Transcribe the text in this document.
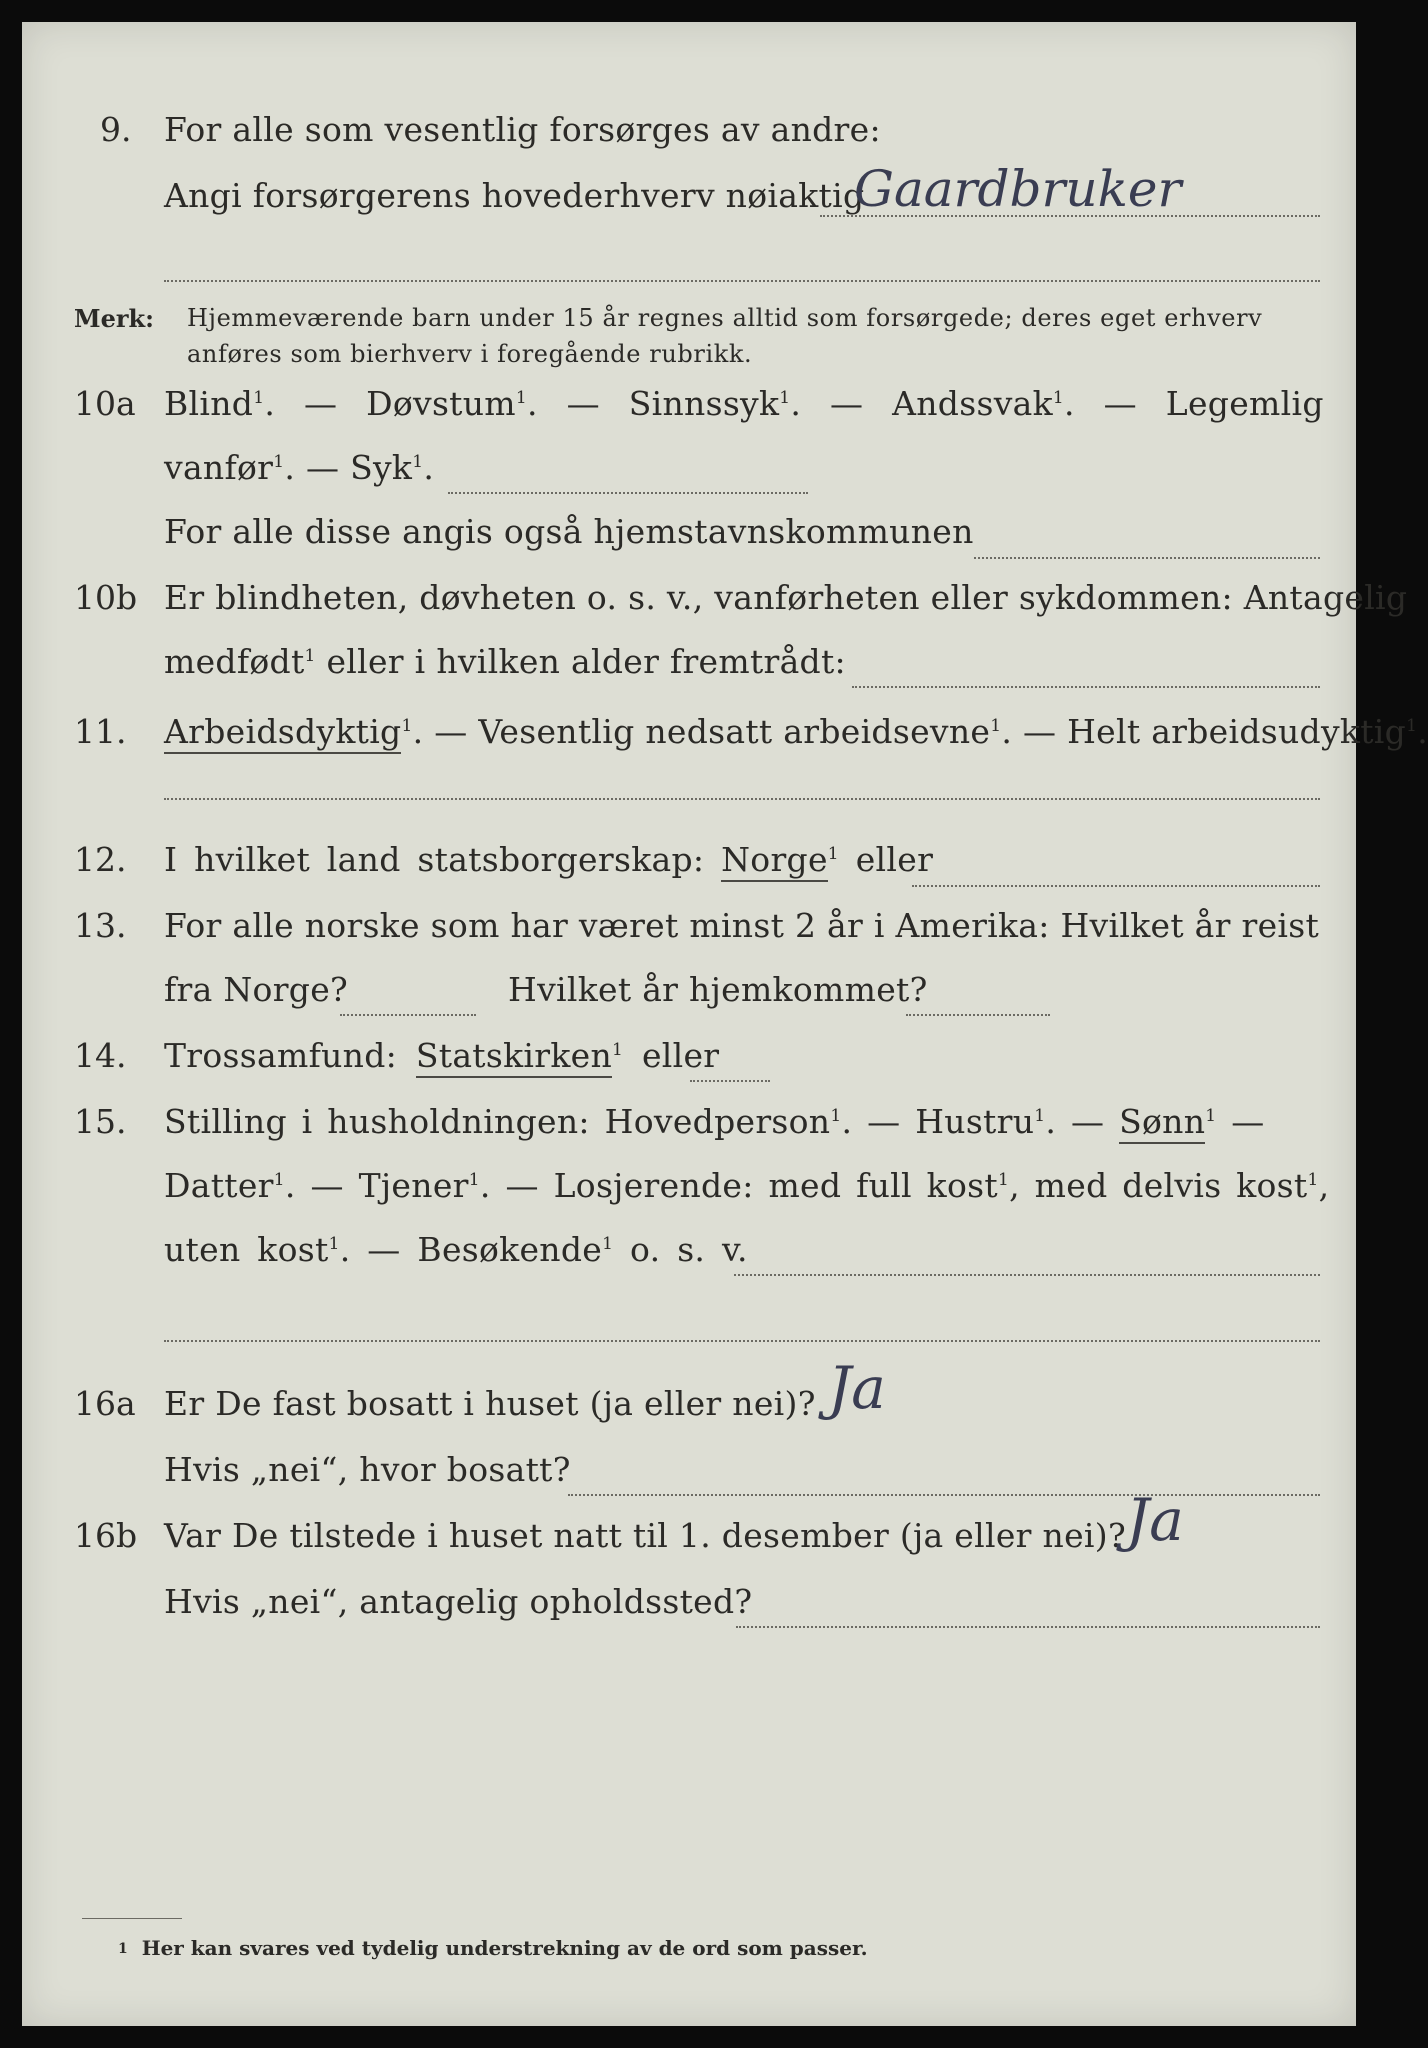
9. For alle som vesentlig forsørges av andre:
Angi forsørgerens hovederhverv nøiaktig
Gaardbruker
Merk: Hjemmeværende barn under 15 år regnes alltid som forsørgede; deres eget erhverv
anføres som bierhverv i foregående rubrikk.
10a Blind$^1$. — Døvstum$^1$. — Sinnssyk$^1$. — Andssvak$^1$. — Legemlig
vanfør$^1$. — Syk$^1$.
For alle disse angis også hjemstavnskommunen
10b Er blindheten, døvheten o. s. v., vanførheten eller sykdommen: Antagelig
medfødt$^1$ eller i hvilken alder fremtrådt:
11.	Arbeidsdyktig$^1$. — Vesentlig nedsatt arbeidsevne$^1$. — Helt arbeidsudyktig$^1$.
12.	I hvilket land statsborgerskap: Norge$^1$ eller
13.	For alle norske som har været minst 2 år i Amerika: Hvilket år reist
fra Norge?	Hvilket år hjemkommet?
14.	Trossamfund: Statskirken$^1$ eller
15.	Stilling i husholdningen: Hovedperson$^1$. — Hustru$^1$. — Sønn$^1$ —
Datter$^1$. — Tjener$^1$. — Losjerende: med full kost$^1$, med delvis kost$^1$,
uten kost$^1$. — Besøkende$^1$ o. s. v.
16a Er De fast bosatt i huset (ja eller nei)? Ja
Hvis „nei“, hvor bosatt?
16b Var De tilstede i huset natt til 1. desember (ja eller nei)? Ja
Hvis „nei“, antagelig opholdssted?
1 Her kan svares ved tydelig understrekning av de ord som passer.
